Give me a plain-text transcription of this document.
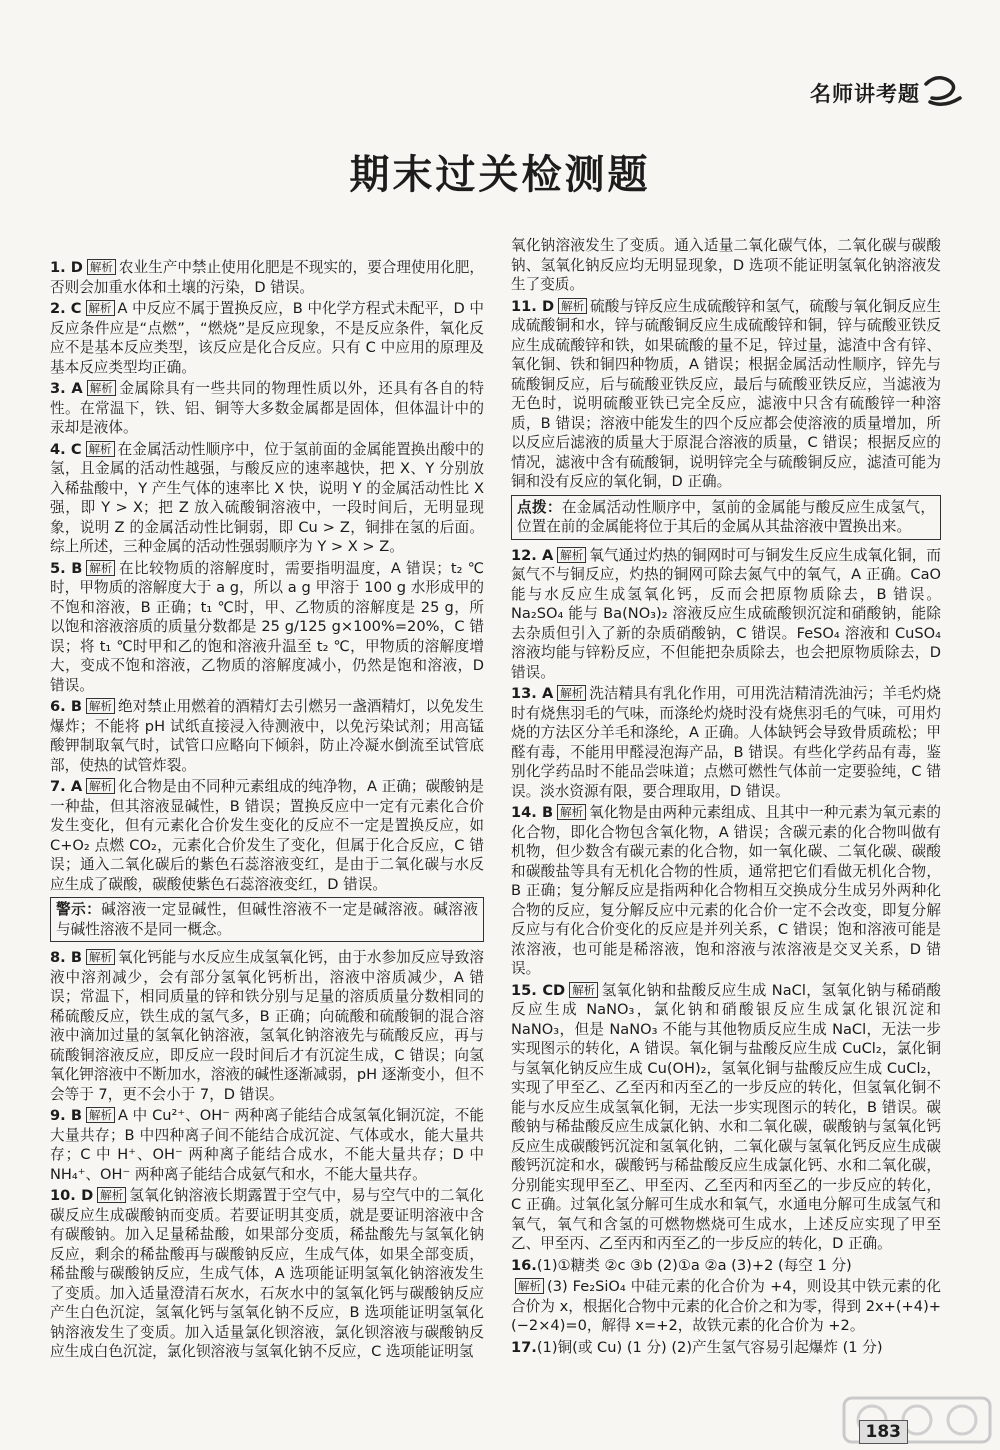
名师讲考题
期末过关检测题
1. D 解析 农业生产中禁止使用化肥是不现实的，要合理使用化肥，否则会加重水体和土壤的污染，D 错误。
2. C 解析 A 中反应不属于置换反应，B 中化学方程式未配平，D 中反应条件应是“点燃”，“燃烧”是反应现象，不是反应条件，氧化反应不是基本反应类型，该反应是化合反应。只有 C 中应用的原理及基本反应类型均正确。
3. A 解析 金属除具有一些共同的物理性质以外，还具有各自的特性。在常温下，铁、铝、铜等大多数金属都是固体，但体温计中的汞却是液体。
4. C 解析 在金属活动性顺序中，位于氢前面的金属能置换出酸中的氢，且金属的活动性越强，与酸反应的速率越快，把 X、Y 分别放入稀盐酸中，Y 产生气体的速率比 X 快，说明 Y 的金属活动性比 X 强，即 Y > X；把 Z 放入硫酸铜溶液中，一段时间后，无明显现象，说明 Z 的金属活动性比铜弱，即 Cu > Z，铜排在氢的后面。综上所述，三种金属的活动性强弱顺序为 Y > X > Z。
5. B 解析 在比较物质的溶解度时，需要指明温度，A 错误；t₂ ℃时，甲物质的溶解度大于 a g，所以 a g 甲溶于 100 g 水形成甲的不饱和溶液，B 正确；t₁ ℃时，甲、乙物质的溶解度是 25 g，所以饱和溶液溶质的质量分数都是 25 g/125 g×100%=20%，C 错误；将 t₁ ℃时甲和乙的饱和溶液升温至 t₂ ℃，甲物质的溶解度增大，变成不饱和溶液，乙物质的溶解度减小，仍然是饱和溶液，D 错误。
6. B 解析 绝对禁止用燃着的酒精灯去引燃另一盏酒精灯，以免发生爆炸；不能将 pH 试纸直接浸入待测液中，以免污染试剂；用高锰酸钾制取氧气时，试管口应略向下倾斜，防止冷凝水倒流至试管底部，使热的试管炸裂。
7. A 解析 化合物是由不同种元素组成的纯净物，A 正确；碳酸钠是一种盐，但其溶液显碱性，B 错误；置换反应中一定有元素化合价发生变化，但有元素化合价发生变化的反应不一定是置换反应，如 C+O₂ 点燃 CO₂，元素化合价发生了变化，但属于化合反应，C 错误；通入二氧化碳后的紫色石蕊溶液变红，是由于二氧化碳与水反应生成了碳酸，碳酸使紫色石蕊溶液变红，D 错误。
警示：碱溶液一定显碱性，但碱性溶液不一定是碱溶液。碱溶液与碱性溶液不是同一概念。
8. B 解析 氧化钙能与水反应生成氢氧化钙，由于水参加反应导致溶液中溶剂减少，会有部分氢氧化钙析出，溶液中溶质减少，A 错误；常温下，相同质量的锌和铁分别与足量的溶质质量分数相同的稀硫酸反应，铁生成的氢气多，B 正确；向硫酸和硫酸铜的混合溶液中滴加过量的氢氧化钠溶液，氢氧化钠溶液先与硫酸反应，再与硫酸铜溶液反应，即反应一段时间后才有沉淀生成，C 错误；向氢氧化钾溶液中不断加水，溶液的碱性逐渐减弱，pH 逐渐变小，但不会等于 7，更不会小于 7，D 错误。
9. B 解析 A 中 Cu²⁺、OH⁻ 两种离子能结合成氢氧化铜沉淀，不能大量共存；B 中四种离子间不能结合成沉淀、气体或水，能大量共存；C 中 H⁺、OH⁻ 两种离子能结合成水，不能大量共存；D 中 NH₄⁺、OH⁻ 两种离子能结合成氨气和水，不能大量共存。
10. D 解析 氢氧化钠溶液长期露置于空气中，易与空气中的二氧化碳反应生成碳酸钠而变质。若要证明其变质，就是要证明溶液中含有碳酸钠。加入足量稀盐酸，如果部分变质，稀盐酸先与氢氧化钠反应，剩余的稀盐酸再与碳酸钠反应，生成气体，如果全部变质，稀盐酸与碳酸钠反应，生成气体，A 选项能证明氢氧化钠溶液发生了变质。加入适量澄清石灰水，石灰水中的氢氧化钙与碳酸钠反应产生白色沉淀，氢氧化钙与氢氧化钠不反应，B 选项能证明氢氧化钠溶液发生了变质。加入适量氯化钡溶液，氯化钡溶液与碳酸钠反应生成白色沉淀，氯化钡溶液与氢氧化钠不反应，C 选项能证明氢
氧化钠溶液发生了变质。通入适量二氧化碳气体，二氧化碳与碳酸钠、氢氧化钠反应均无明显现象，D 选项不能证明氢氧化钠溶液发生了变质。
11. D 解析 硫酸与锌反应生成硫酸锌和氢气，硫酸与氧化铜反应生成硫酸铜和水，锌与硫酸铜反应生成硫酸锌和铜，锌与硫酸亚铁反应生成硫酸锌和铁，如果硫酸的量不足，锌过量，滤渣中含有锌、氧化铜、铁和铜四种物质，A 错误；根据金属活动性顺序，锌先与硫酸铜反应，后与硫酸亚铁反应，最后与硫酸亚铁反应，当滤液为无色时，说明硫酸亚铁已完全反应，滤液中只含有硫酸锌一种溶质，B 错误；溶液中能发生的四个反应都会使溶液的质量增加，所以反应后滤液的质量大于原混合溶液的质量，C 错误；根据反应的情况，滤液中含有硫酸铜，说明锌完全与硫酸铜反应，滤渣可能为铜和没有反应的氧化铜，D 正确。
点拨：在金属活动性顺序中，氢前的金属能与酸反应生成氢气，位置在前的金属能将位于其后的金属从其盐溶液中置换出来。
12. A 解析 氧气通过灼热的铜网时可与铜发生反应生成氧化铜，而氮气不与铜反应，灼热的铜网可除去氮气中的氧气，A 正确。CaO 能与水反应生成氢氧化钙，反而会把原物质除去，B 错误。Na₂SO₄ 能与 Ba(NO₃)₂ 溶液反应生成硫酸钡沉淀和硝酸钠，能除去杂质但引入了新的杂质硝酸钠，C 错误。FeSO₄ 溶液和 CuSO₄ 溶液均能与锌粉反应，不但能把杂质除去，也会把原物质除去，D 错误。
13. A 解析 洗洁精具有乳化作用，可用洗洁精清洗油污；羊毛灼烧时有烧焦羽毛的气味，而涤纶灼烧时没有烧焦羽毛的气味，可用灼烧的方法区分羊毛和涤纶，A 正确。人体缺钙会导致骨质疏松；甲醛有毒，不能用甲醛浸泡海产品，B 错误。有些化学药品有毒，鉴别化学药品时不能品尝味道；点燃可燃性气体前一定要验纯，C 错误。淡水资源有限，要合理取用，D 错误。
14. B 解析 氧化物是由两种元素组成、且其中一种元素为氧元素的化合物，即化合物包含氧化物，A 错误；含碳元素的化合物叫做有机物，但少数含有碳元素的化合物，如一氧化碳、二氧化碳、碳酸和碳酸盐等具有无机化合物的性质，通常把它们看做无机化合物，B 正确；复分解反应是指两种化合物相互交换成分生成另外两种化合物的反应，复分解反应中元素的化合价一定不会改变，即复分解反应与有化合价变化的反应是并列关系，C 错误；饱和溶液可能是浓溶液，也可能是稀溶液，饱和溶液与浓溶液是交叉关系，D 错误。
15. CD 解析 氢氧化钠和盐酸反应生成 NaCl，氢氧化钠与稀硝酸反应生成 NaNO₃，氯化钠和硝酸银反应生成氯化银沉淀和 NaNO₃，但是 NaNO₃ 不能与其他物质反应生成 NaCl，无法一步实现图示的转化，A 错误。氧化铜与盐酸反应生成 CuCl₂，氯化铜与氢氧化钠反应生成 Cu(OH)₂，氢氧化铜与盐酸反应生成 CuCl₂，实现了甲至乙、乙至丙和丙至乙的一步反应的转化，但氢氧化铜不能与水反应生成氢氧化铜，无法一步实现图示的转化，B 错误。碳酸钠与稀盐酸反应生成氯化钠、水和二氧化碳，碳酸钠与氢氧化钙反应生成碳酸钙沉淀和氢氧化钠，二氧化碳与氢氧化钙反应生成碳酸钙沉淀和水，碳酸钙与稀盐酸反应生成氯化钙、水和二氧化碳，分别能实现甲至乙、甲至丙、乙至丙和丙至乙的一步反应的转化，C 正确。过氧化氢分解可生成水和氧气，水通电分解可生成氢气和氧气，氧气和含氢的可燃物燃烧可生成水，上述反应实现了甲至乙、甲至丙、乙至丙和丙至乙的一步反应的转化，D 正确。
16.(1)①糖类 ②c ③b (2)①a ②a (3)+2 (每空 1 分)
解析 (3) Fe₂SiO₄ 中硅元素的化合价为 +4，则设其中铁元素的化合价为 x，根据化合物中元素的化合价之和为零，得到 2x+(+4)+(−2×4)=0，解得 x=+2，故铁元素的化合价为 +2。
17.(1)铜(或 Cu) (1 分) (2)产生氢气容易引起爆炸 (1 分)
183
